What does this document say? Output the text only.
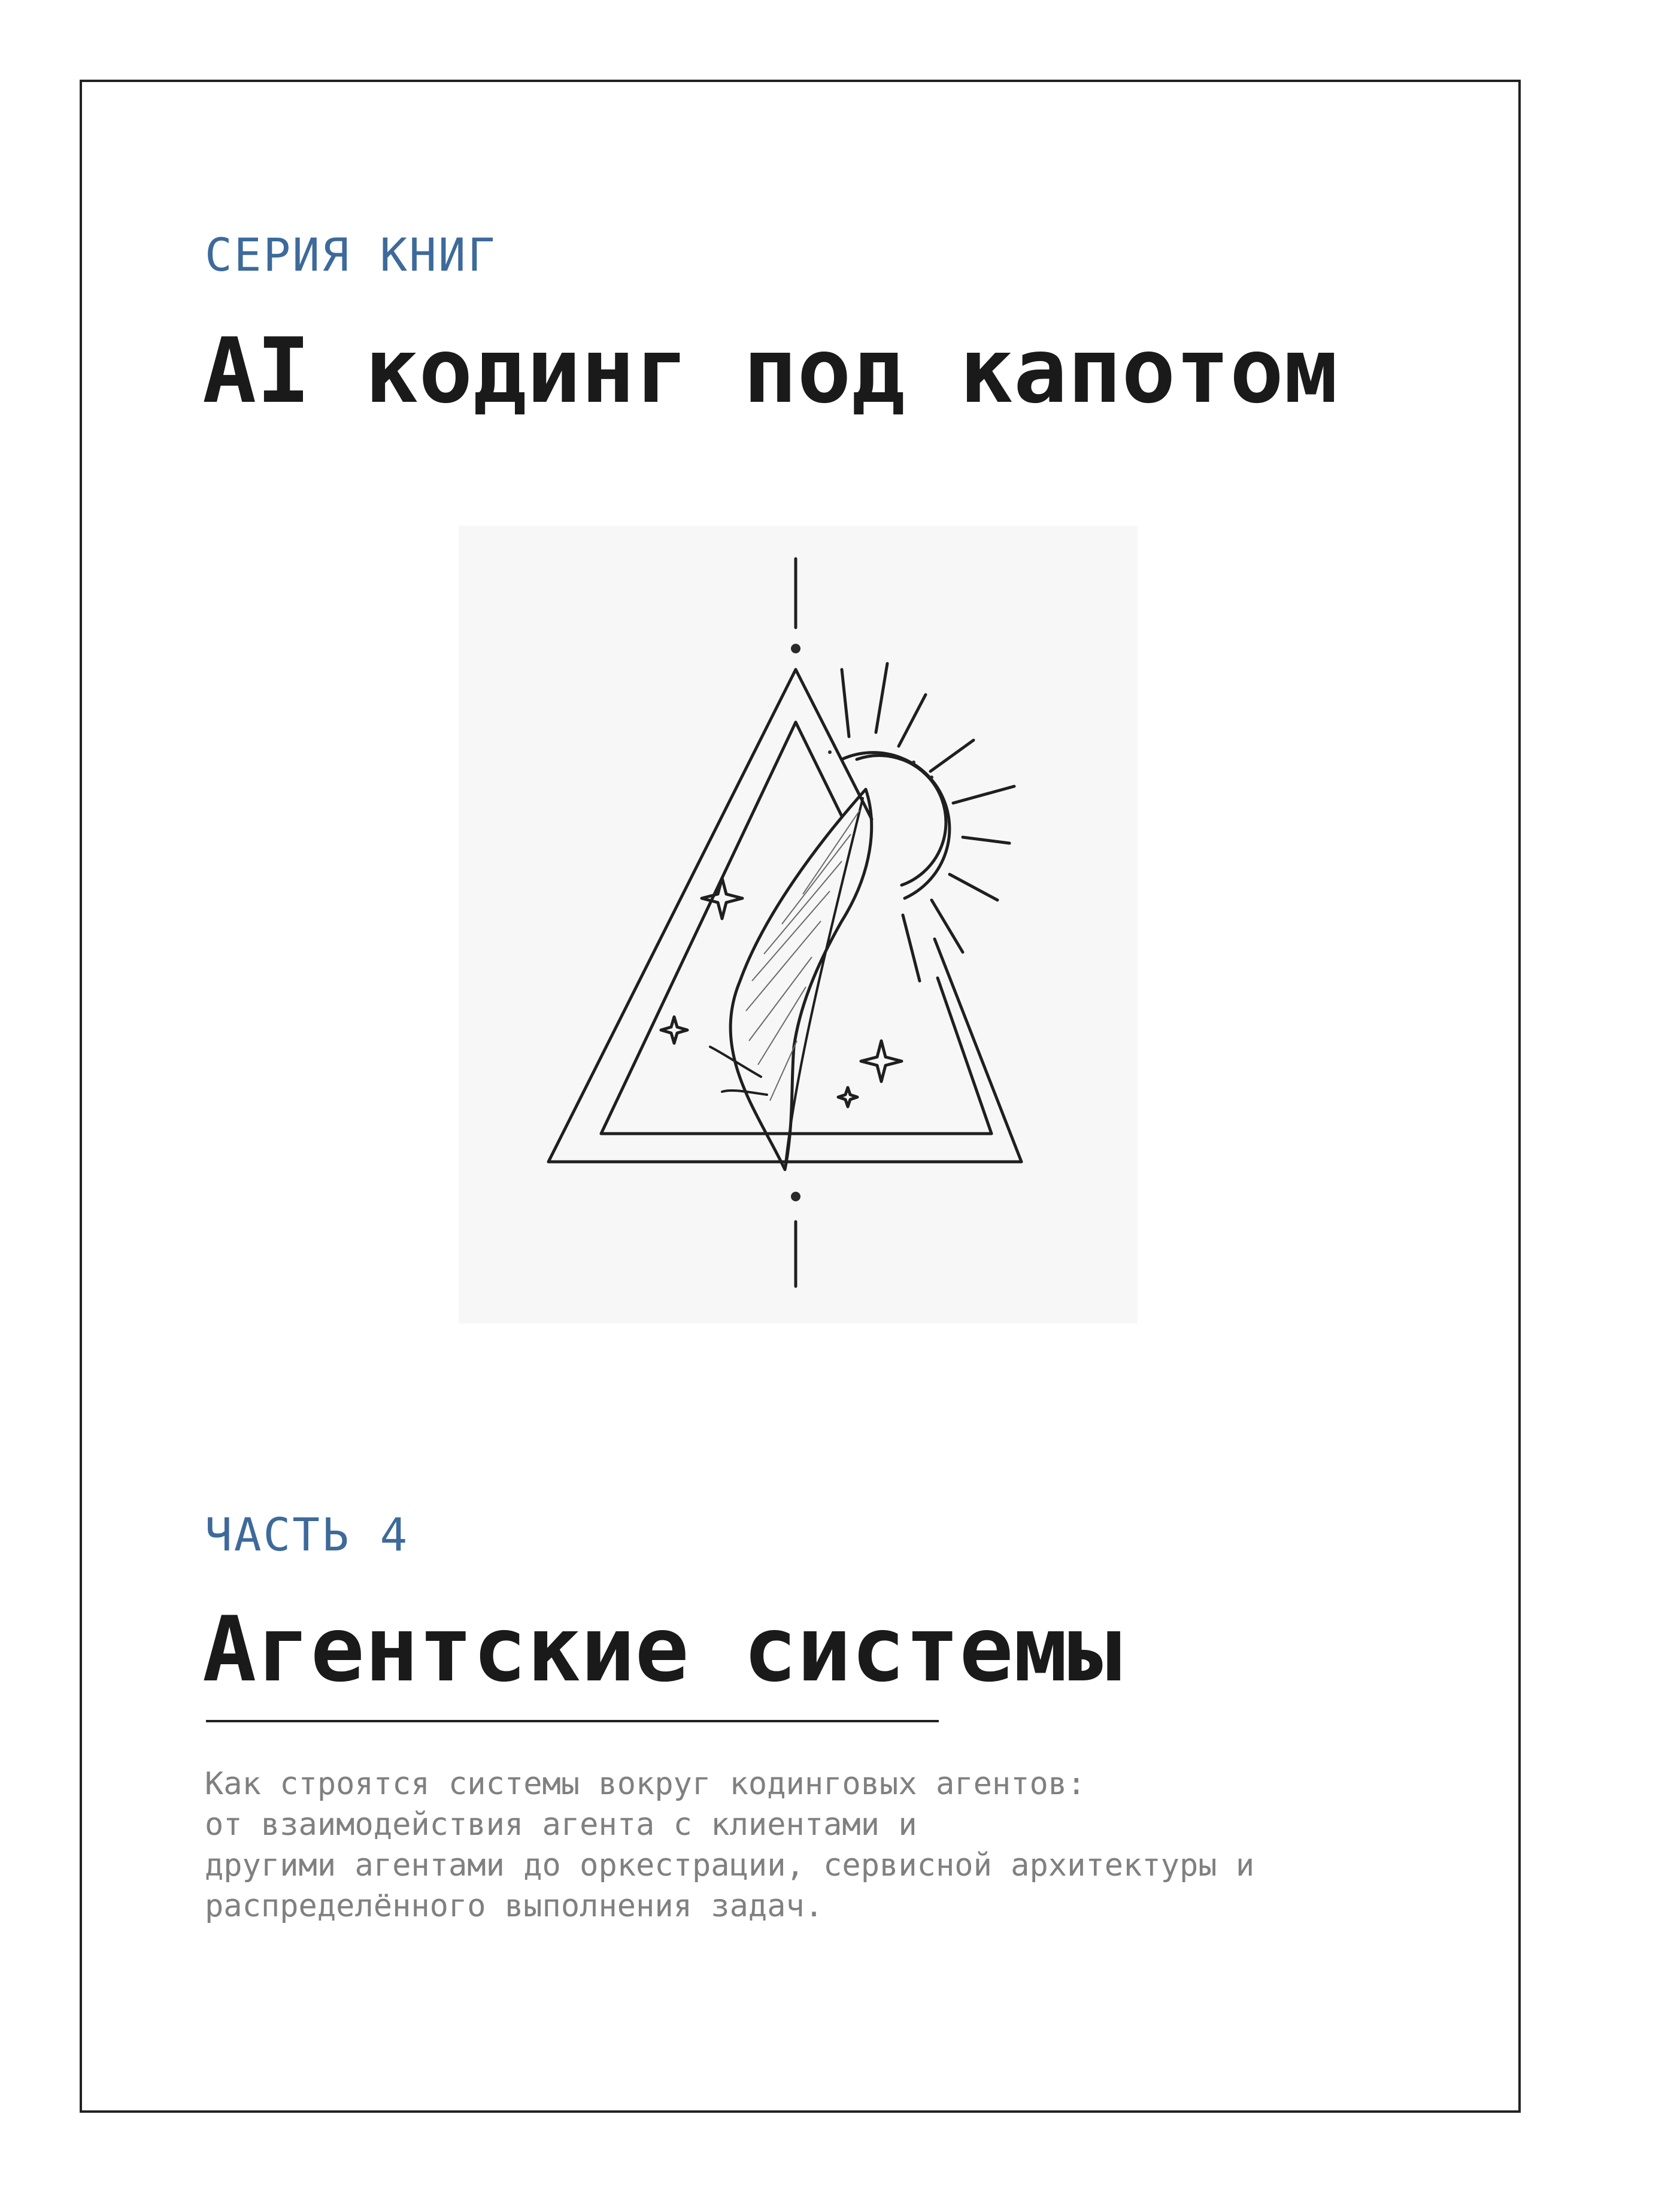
СЕРИЯ КНИГ
AI кодинг под капотом
ЧАСТЬ 4
Агентские системы
Как строятся системы вокруг кодинговых агентов:
от взаимодействия агента с клиентами и
другими агентами до оркестрации, сервисной архитектуры и
распределённого выполнения задач.
